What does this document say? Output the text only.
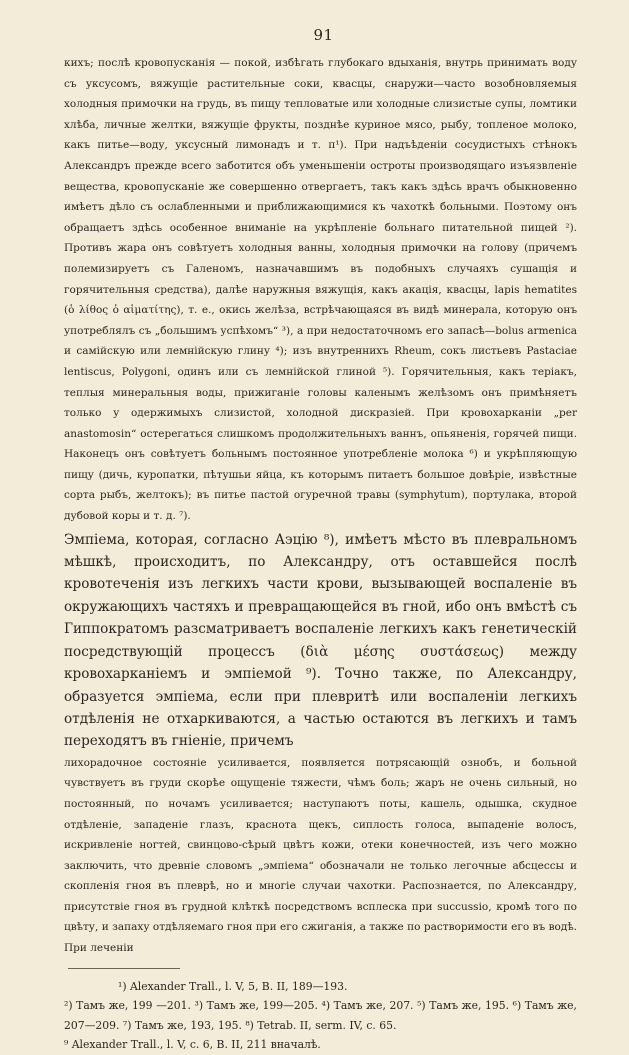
91

кихъ; послѣ кровопусканія — покой, избѣгать глубокаго вдыханія, внутрь принимать воду съ уксусомъ, вяжущіе растительные соки, квасцы, снаружи—часто возобновляемыя холодныя примочки на грудь, въ пищу тепловатые или холодные слизистые супы, ломтики хлѣба, личные желтки, вяжущіе фрукты, позднѣе куриное мясо, рыбу, топленое молоко, какъ питье—воду, уксусный лимонадъ и т. п¹). При надъѣденіи сосудистыхъ стѣнокъ Александръ прежде всего заботится объ уменьшеніи остроты производящаго изъязвленіе вещества, кровопусканіе же совершенно отвергаетъ, такъ какъ здѣсь врачъ обыкновенно имѣетъ дѣло съ ослабленными и приближающимися къ чахоткѣ больными. Поэтому онъ обращаетъ здѣсь особенное вниманіе на укрѣпленіе больнаго питательной пищей ²). Противъ жара онъ совѣтуетъ холодныя ванны, холодныя примочки на голову (причемъ полемизируетъ съ Галеномъ, назначавшимъ въ подобныхъ случаяхъ сушащія и горячительныя средства), далѣе наружныя вяжущія, какъ акація, квасцы, lapis hematites (ὁ λίθος ὁ αἱματίτης), т. е., окись желѣза, встрѣчающаяся въ видѣ минерала, которую онъ употреблялъ съ „большимъ успѣхомъ“ ³), а при недостаточномъ его запасѣ—bolus armenica и самійскую или лемнійскую глину ⁴); изъ внутреннихъ Rheum, сокъ листьевъ Pastaciae lentiscus, Polygoni, одинъ или съ лемнійской глиной ⁵). Горячительныя, какъ теріакъ, теплыя минеральныя воды, прижиганіе головы каленымъ желѣзомъ онъ примѣняетъ только у одержимыхъ слизистой, холодной дискразіей. При кровохарканіи „per anastomosin“ остерегаться слишкомъ продолжительныхъ ваннъ, опьяненія, горячей пищи. Наконецъ онъ совѣтуетъ больнымъ постоянное употребленіе молока ⁶) и укрѣпляющую пищу (дичь, куропатки, пѣтушьи яйца, къ которымъ питаетъ большое довѣріе, извѣстные сорта рыбъ, желтокъ); въ питье пастой огуречной травы (symphytum), портулака, второй дубовой коры и т. д. ⁷).

Эмпіема, которая, согласно Аэцію ⁸), имѣетъ мѣсто въ плевральномъ мѣшкѣ, происходитъ, по Александру, отъ оставшейся послѣ кровотеченія изъ легкихъ части крови, вызывающей воспаленіе въ окружающихъ частяхъ и превращающейся въ гной, ибо онъ вмѣстѣ съ Гиппократомъ разсматриваетъ воспаленіе легкихъ какъ генетическій посредствующій процессъ (διὰ μέσης συστάσεως) между кровохарканіемъ и эмпіемой ⁹). Точно также, по Александру, образуется эмпіема, если при плевритѣ или воспаленіи легкихъ отдѣленія не отхаркиваются, а частью остаются въ легкихъ и тамъ переходятъ въ гніеніе, причемъ

лихорадочное состояніе усиливается, появляется потрясающій ознобъ, и больной чувствуетъ въ груди скорѣе ощущеніе тяжести, чѣмъ боль; жаръ не очень сильный, но постоянный, по ночамъ усиливается; наступаютъ поты, кашель, одышка, скудное отдѣленіе, западеніе глазъ, краснота щекъ, сиплость голоса, выпаденіе волосъ, искривленіе ногтей, свинцово-сѣрый цвѣтъ кожи, отеки конечностей, изъ чего можно заключить, что древніе словомъ „эмпіема“ обозначали не только легочные абсцессы и скопленія гноя въ плеврѣ, но и многіе случаи чахотки. Распознается, по Александру, присутствіе гноя въ грудной клѣткѣ посредствомъ всплеска при succussio, кромѣ того по цвѣту, и запаху отдѣляемаго гноя при его сжиганія, а также по растворимости его въ водѣ. При леченіи

¹) Alexander Trall., l. V, 5, B. II, 189—193.
²) Тамъ же, 199 —201. ³) Тамъ же, 199—205. ⁴) Тамъ же, 207. ⁵) Тамъ же, 195. ⁶) Тамъ же, 207—209. ⁷) Тамъ же, 193, 195. ⁸) Tetrab. II, serm. IV, с. 65.
⁹ Alexander Trall., l. V, c. 6, B. II, 211 вначалѣ.
